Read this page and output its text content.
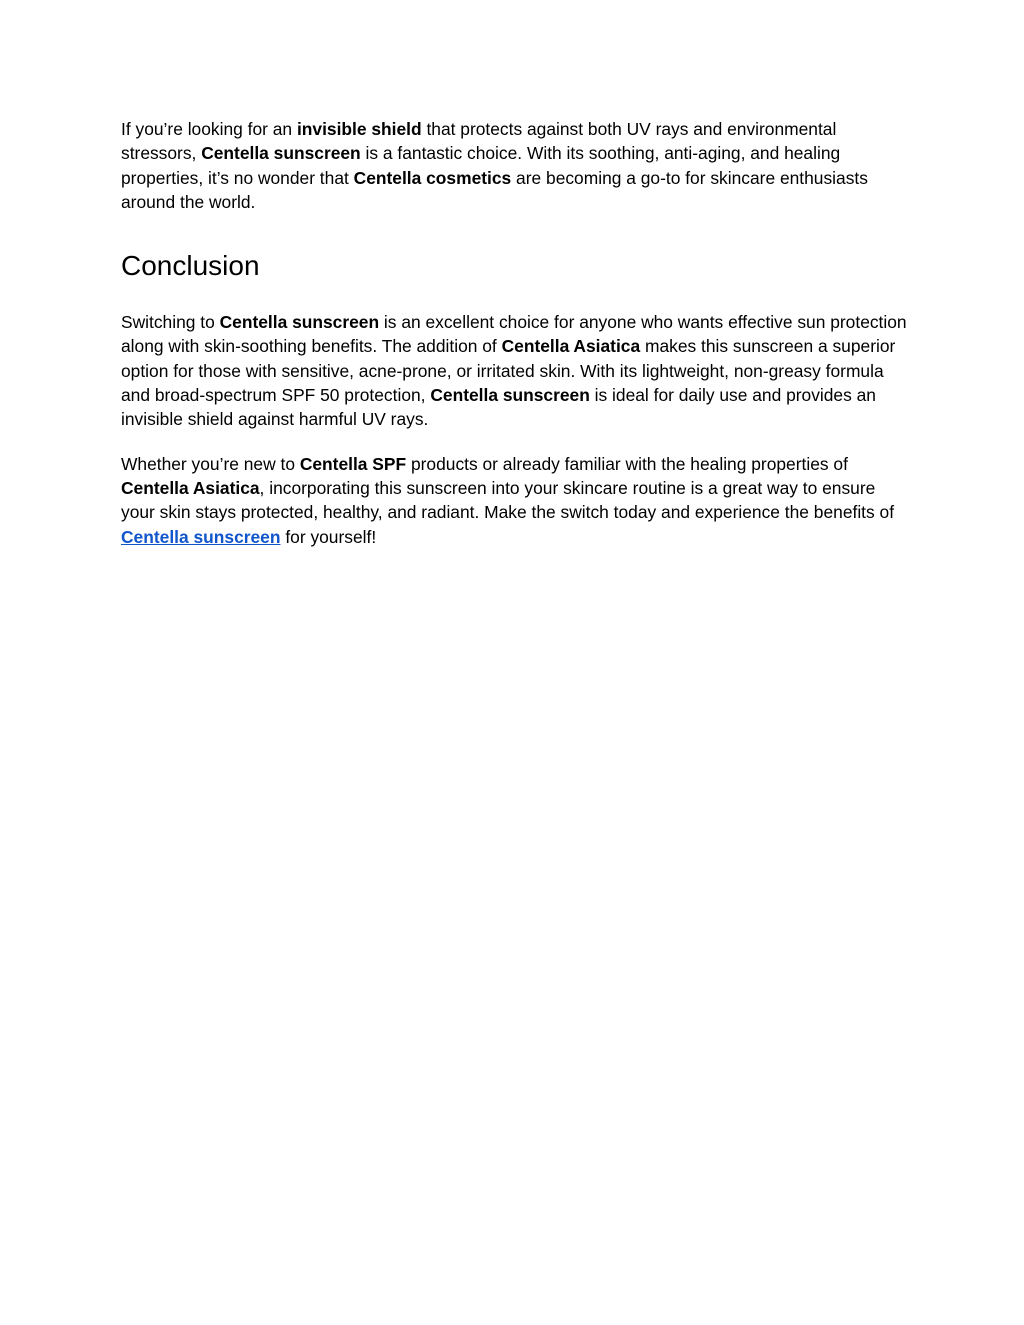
If you’re looking for an invisible shield that protects against both UV rays and environmental stressors, Centella sunscreen is a fantastic choice. With its soothing, anti-aging, and healing properties, it’s no wonder that Centella cosmetics are becoming a go-to for skincare enthusiasts around the world.

Conclusion

Switching to Centella sunscreen is an excellent choice for anyone who wants effective sun protection along with skin-soothing benefits. The addition of Centella Asiatica makes this sunscreen a superior option for those with sensitive, acne-prone, or irritated skin. With its lightweight, non-greasy formula and broad-spectrum SPF 50 protection, Centella sunscreen is ideal for daily use and provides an invisible shield against harmful UV rays.

Whether you’re new to Centella SPF products or already familiar with the healing properties of Centella Asiatica, incorporating this sunscreen into your skincare routine is a great way to ensure your skin stays protected, healthy, and radiant. Make the switch today and experience the benefits of Centella sunscreen for yourself!
